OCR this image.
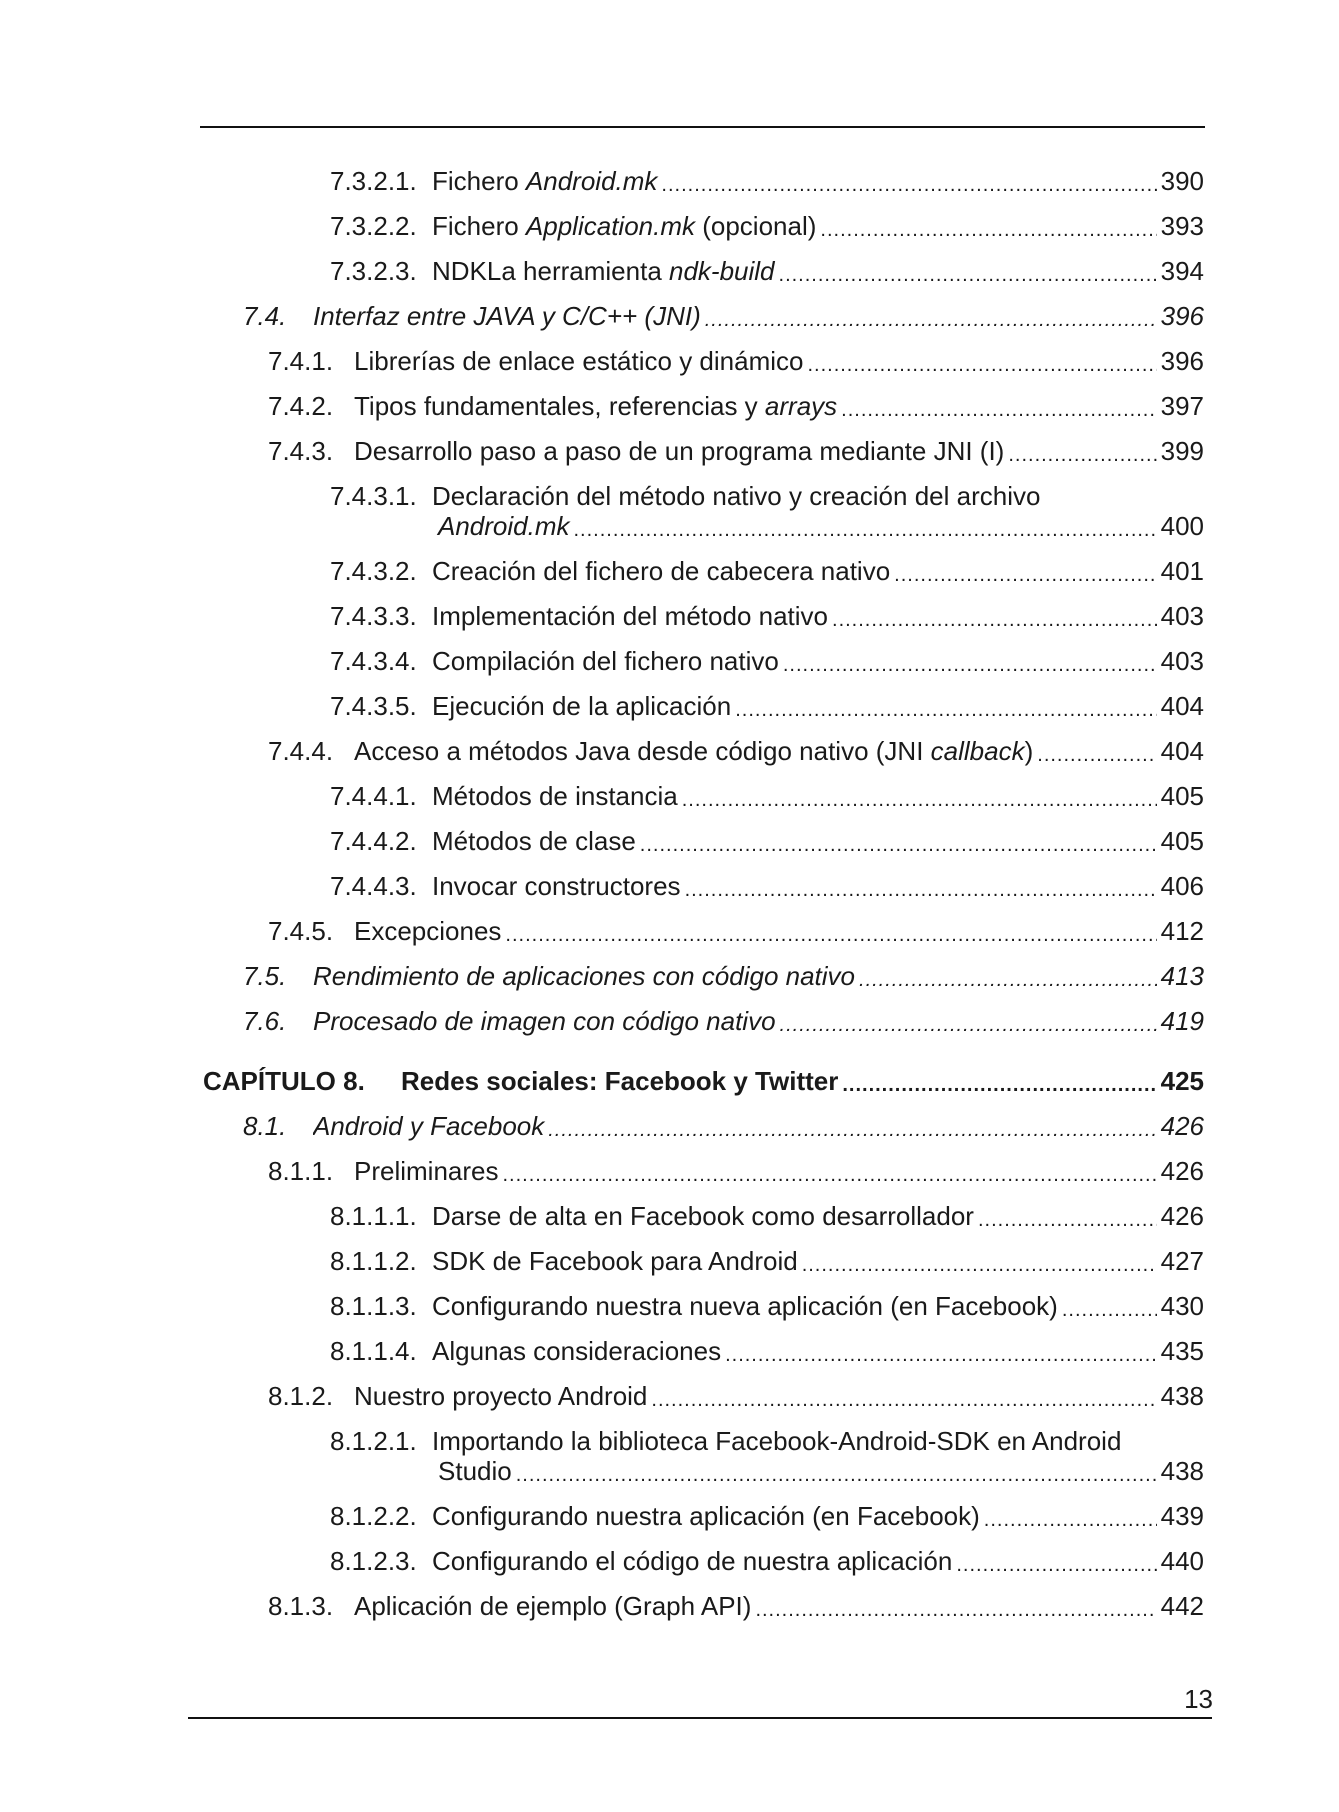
7.3.2.1. Fichero Android.mk .....	390
7.3.2.2. Fichero Application.mk (opcional) .....	393
7.3.2.3. NDKLa herramienta ndk-build .....	394
7.4.	Interfaz entre JAVA y C/C++ (JNI) .....	396
7.4.1. Librerías de enlace estático y dinámico .....	396
7.4.2. Tipos fundamentales, referencias y arrays .....	397
7.4.3. Desarrollo paso a paso de un programa mediante JNI (I) .....	399
7.4.3.1. Declaración del método nativo y creación del archivo
Android.mk .....	400
7.4.3.2. Creación del fichero de cabecera nativo .....	401
7.4.3.3. Implementación del método nativo .....	403
7.4.3.4. Compilación del fichero nativo .....	403
7.4.3.5. Ejecución de la aplicación .....	404
7.4.4. Acceso a métodos Java desde código nativo (JNI callback) .....	404
7.4.4.1. Métodos de instancia .....	405
7.4.4.2. Métodos de clase .....	405
7.4.4.3. Invocar constructores .....	406
7.4.5. Excepciones .....	412
7.5.	Rendimiento de aplicaciones con código nativo .....	413
7.6.	Procesado de imagen con código nativo .....	419
CAPÍTULO 8.	Redes sociales: Facebook y Twitter .....	425
8.1.	Android y Facebook .....	426
8.1.1. Preliminares .....	426
8.1.1.1. Darse de alta en Facebook como desarrollador .....	426
8.1.1.2. SDK de Facebook para Android .....	427
8.1.1.3. Configurando nuestra nueva aplicación (en Facebook) .....	430
8.1.1.4. Algunas consideraciones .....	435
8.1.2. Nuestro proyecto Android .....	438
8.1.2.1. Importando la biblioteca Facebook-Android-SDK en Android
Studio .....	438
8.1.2.2. Configurando nuestra aplicación (en Facebook) .....	439
8.1.2.3. Configurando el código de nuestra aplicación .....	440
8.1.3. Aplicación de ejemplo (Graph API) .....	442
13
